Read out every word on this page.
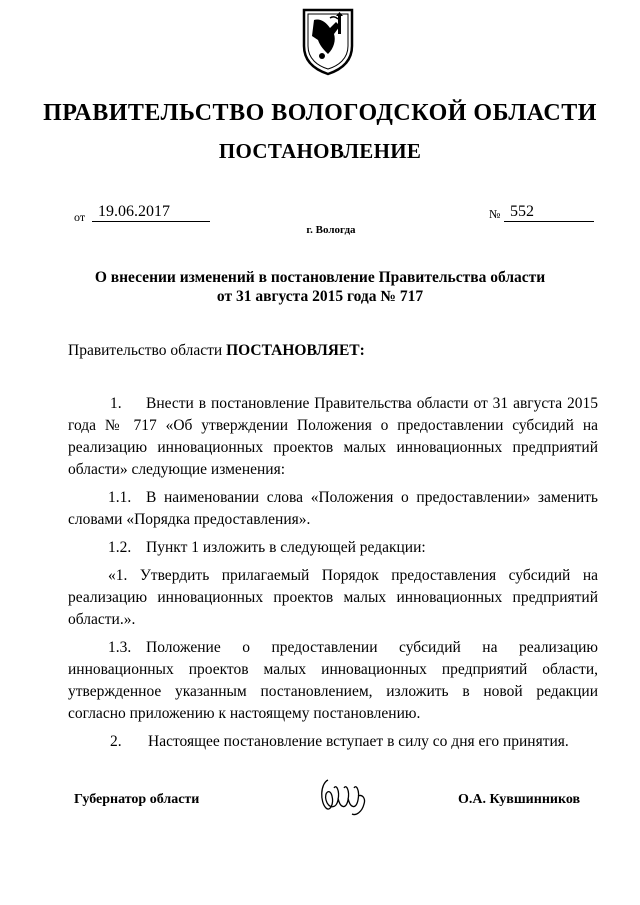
ПРАВИТЕЛЬСТВО ВОЛОГОДСКОЙ ОБЛАСТИ
ПОСТАНОВЛЕНИЕ
от 19.06.2017	№ 552
г. Вологда
О внесении изменений в постановление Правительства области
от 31 августа 2015 года № 717
Правительство области ПОСТАНОВЛЯЕТ:

1. Внести в постановление Правительства области от 31 августа 2015 года № 717 «Об утверждении Положения о предоставлении субсидий на реализацию инновационных проектов малых инновационных предприятий области» следующие изменения:

1.1. В наименовании слова «Положения о предоставлении» заменить словами «Порядка предоставления».

1.2. Пункт 1 изложить в следующей редакции:

«1. Утвердить прилагаемый Порядок предоставления субсидий на реализацию инновационных проектов малых инновационных предприятий области.».

1.3. Положение о предоставлении субсидий на реализацию инновационных проектов малых инновационных предприятий области, утвержденное указанным постановлением, изложить в новой редакции согласно приложению к настоящему постановлению.

2. Настоящее постановление вступает в силу со дня его принятия.

Губернатор области	О.А. Кувшинников
